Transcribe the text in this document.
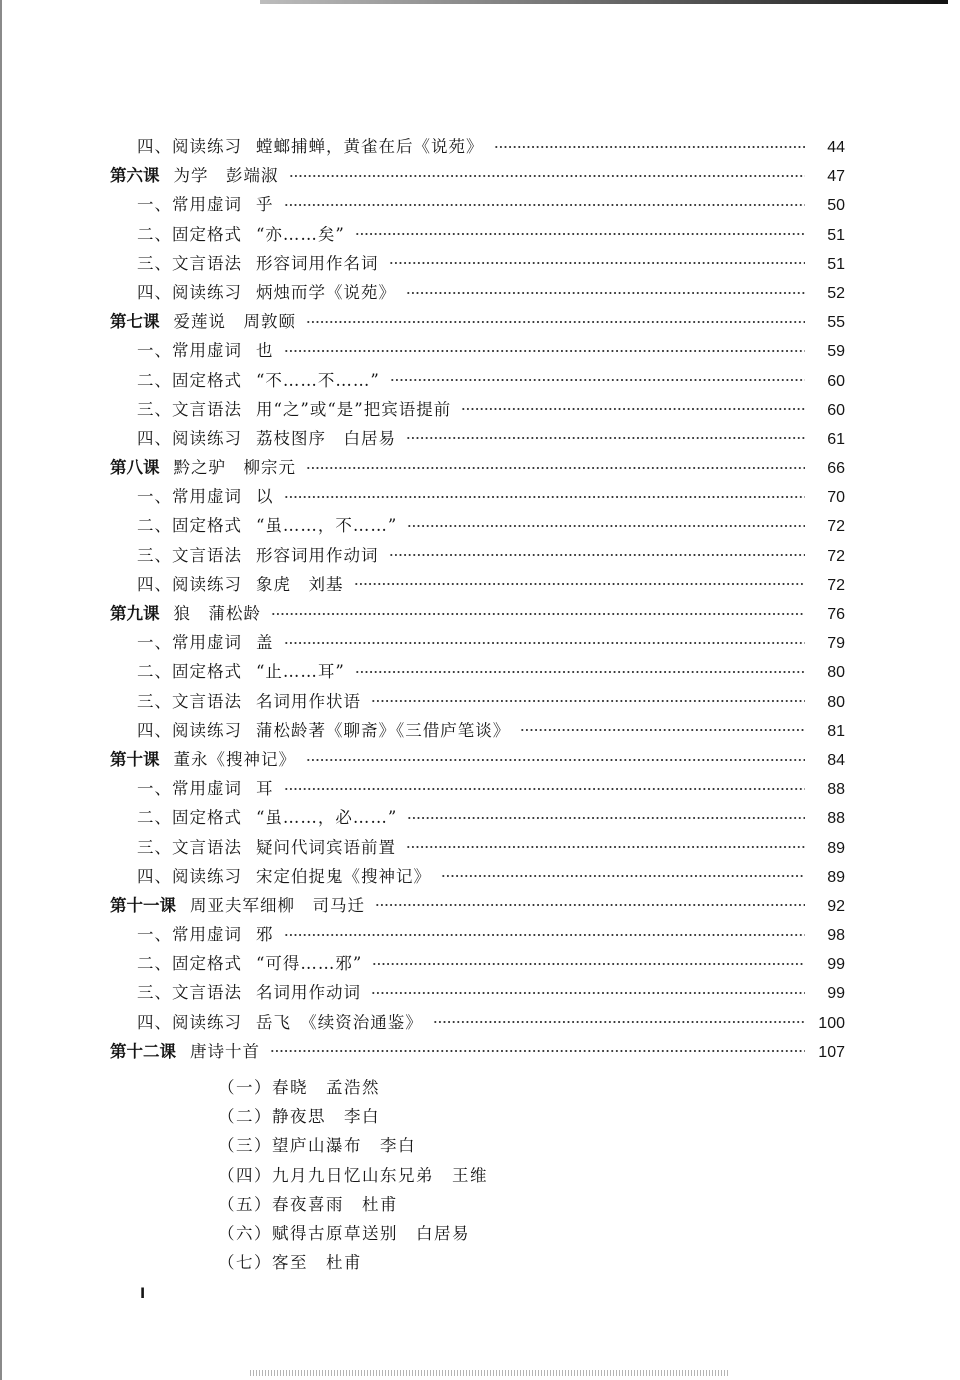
四、阅读练习 螳螂捕蝉，黄雀在后《说苑》	44
第六课 为学　彭端淑	47
一、常用虚词 乎	50
二、固定格式 “亦……矣”	51
三、文言语法 形容词用作名词	51
四、阅读练习 炳烛而学《说苑》	52
第七课 爱莲说　周敦颐	55
一、常用虚词 也	59
二、固定格式 “不……不……”	60
三、文言语法 用“之”或“是”把宾语提前	60
四、阅读练习 荔枝图序　白居易	61
第八课 黔之驴　柳宗元	66
一、常用虚词 以	70
二、固定格式 “虽……，不……”	72
三、文言语法 形容词用作动词	72
四、阅读练习 象虎　刘基	72
第九课 狼　蒲松龄	76
一、常用虚词 盖	79
二、固定格式 “止……耳”	80
三、文言语法 名词用作状语	80
四、阅读练习 蒲松龄著《聊斋》《三借庐笔谈》	81
第十课 董永《搜神记》	84
一、常用虚词 耳	88
二、固定格式 “虽……，必……”	88
三、文言语法 疑问代词宾语前置	89
四、阅读练习 宋定伯捉鬼《搜神记》	89
第十一课 周亚夫军细柳　司马迁	92
一、常用虚词 邪	98
二、固定格式 “可得……邪”	99
三、文言语法 名词用作动词	99
四、阅读练习 岳飞　《续资治通鉴》	100
第十二课 唐诗十首	107
（一）春晓　孟浩然
（二）静夜思　李白
（三）望庐山瀑布　李白
（四）九月九日忆山东兄弟　王维
（五）春夜喜雨　杜甫
（六）赋得古原草送别　白居易
（七）客至　杜甫
Ⅰ
